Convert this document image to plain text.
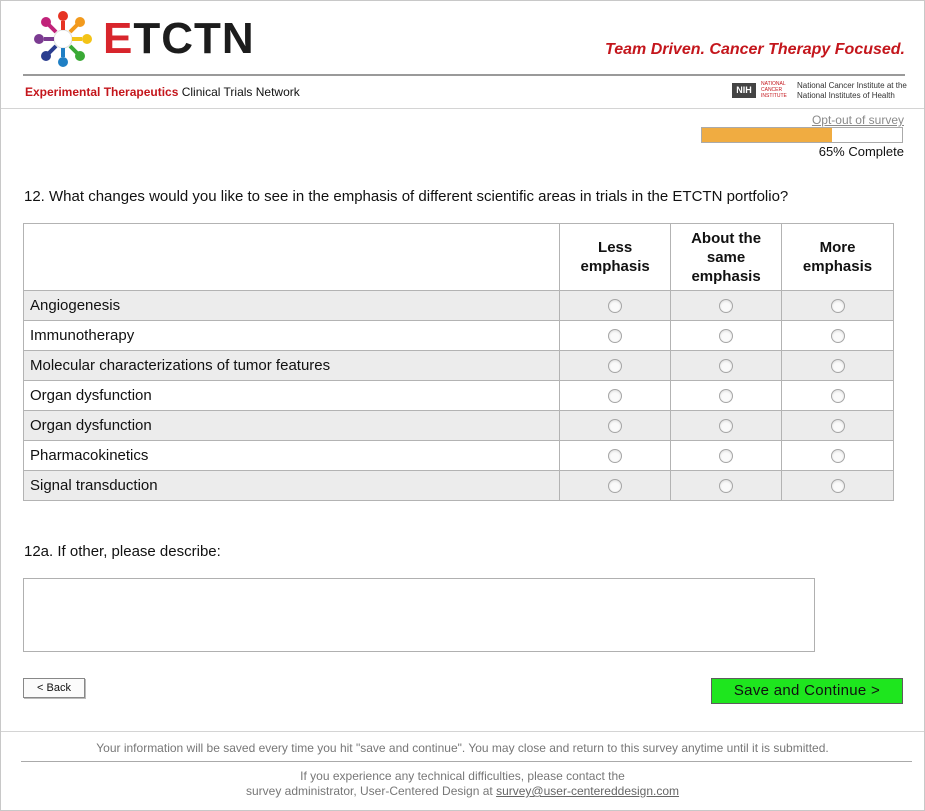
ETCTN	Team Driven. Cancer Therapy Focused.
Experimental Therapeutics Clinical Trials Network	NIH
NATIONAL CANCER INSTITUTE
National Cancer Institute at the
National Institutes of Health
Opt-out of survey
65% Complete
12. What changes would you like to see in the emphasis of different scientific areas in trials in the ETCTN portfolio?
	Less emphasis	About the same emphasis	More emphasis
Angiogenesis	

Immunotherapy	

Molecular characterizations of tumor features	

Organ dysfunction	

Organ dysfunction	

Pharmacokinetics	

Signal transduction	

12a. If other, please describe:
< Back	Save and Continue >
Your information will be saved every time you hit "save and continue". You may close and return to this survey anytime until it is submitted.
If you experience any technical difficulties, please contact the
survey administrator, User-Centered Design at survey@user-centereddesign.com
